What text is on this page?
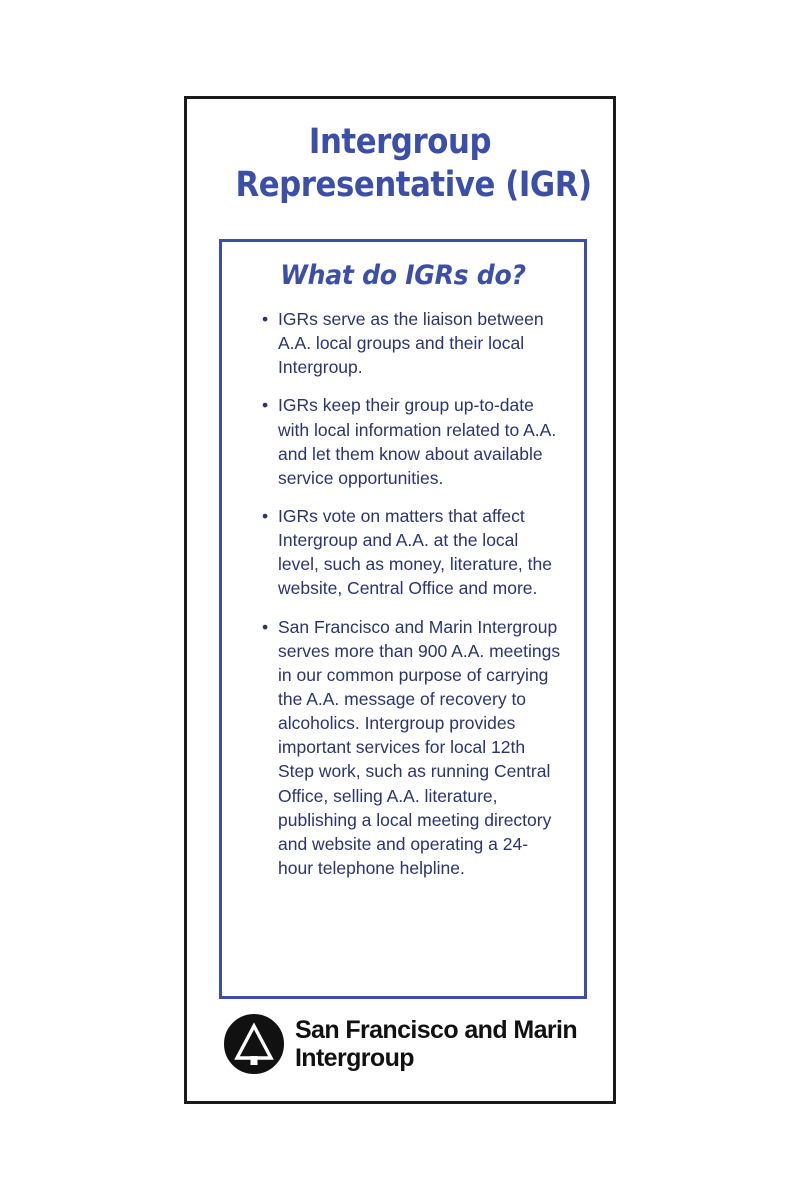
Intergroup
Representative (IGR)
What do IGRs do?
• IGRs serve as the liaison between A.A. local groups and their local Intergroup.
• IGRs keep their group up-to-date with local information related to A.A. and let them know about available service opportunities.
• IGRs vote on matters that affect Intergroup and A.A. at the local level, such as money, literature, the website, Central Office and more.
• San Francisco and Marin Intergroup serves more than 900 A.A. meetings in our common purpose of carrying the A.A. message of recovery to alcoholics. Intergroup provides important services for local 12th Step work, such as running Central Office, selling A.A. literature, publishing a local meeting directory and website and operating a 24-hour telephone helpline.
San Francisco and Marin
Intergroup
